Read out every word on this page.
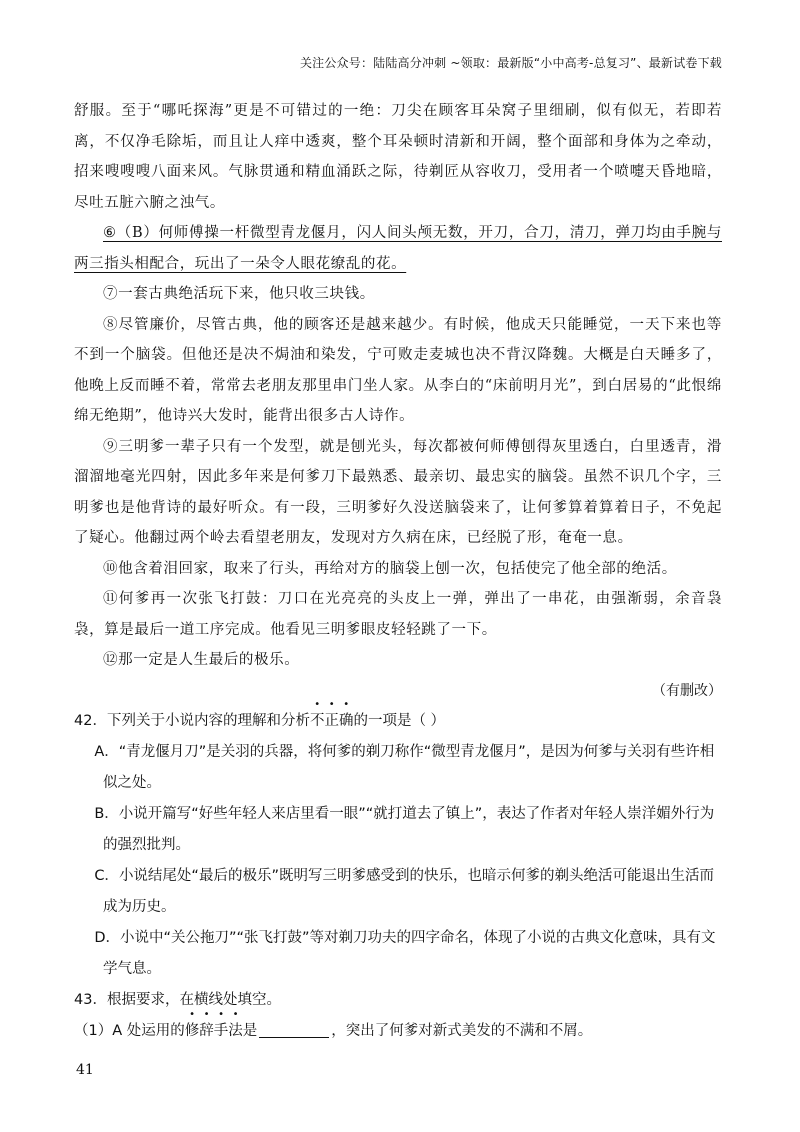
关注公众号：陆陆高分冲刺 ~领取：最新版“小中高考-总复习”、最新试卷下载

舒服。至于“哪吒探海”更是不可错过的一绝：刀尖在顾客耳朵窝子里细刷，似有似无，若即若离，不仅净毛除垢，而且让人痒中透爽，整个耳朵顿时清新和开阔，整个面部和身体为之牵动，招来嗖嗖嗖八面来风。气脉贯通和精血涌跃之际，待剃匠从容收刀，受用者一个喷嚏天昏地暗，尽吐五脏六腑之浊气。

⑥（B）何师傅操一杆微型青龙偃月，闪人间头颅无数，开刀，合刀，清刀，弹刀均由手腕与两三指头相配合，玩出了一朵令人眼花缭乱的花。

⑦一套古典绝活玩下来，他只收三块钱。

⑧尽管廉价，尽管古典，他的顾客还是越来越少。有时候，他成天只能睡觉，一天下来也等不到一个脑袋。但他还是决不焗油和染发，宁可败走麦城也决不背汉降魏。大概是白天睡多了，他晚上反而睡不着，常常去老朋友那里串门坐人家。从李白的“床前明月光”，到白居易的“此恨绵绵无绝期”，他诗兴大发时，能背出很多古人诗作。

⑨三明爹一辈子只有一个发型，就是刨光头，每次都被何师傅刨得灰里透白，白里透青，滑溜溜地毫光四射，因此多年来是何爹刀下最熟悉、最亲切、最忠实的脑袋。虽然不识几个字，三明爹也是他背诗的最好听众。有一段，三明爹好久没送脑袋来了，让何爹算着算着日子，不免起了疑心。他翻过两个岭去看望老朋友，发现对方久病在床，已经脱了形，奄奄一息。

⑩他含着泪回家，取来了行头，再给对方的脑袋上刨一次，包括使完了他全部的绝活。

⑪何爹再一次张飞打鼓：刀口在光亮亮的头皮上一弹，弹出了一串花，由强渐弱，余音袅袅，算是最后一道工序完成。他看见三明爹眼皮轻轻跳了一下。

⑫那一定是人生最后的极乐。

（有删改）

42．下列关于小说内容的理解和分析不正确的一项是（ ）

A．“青龙偃月刀”是关羽的兵器，将何爹的剃刀称作“微型青龙偃月”，是因为何爹与关羽有些许相似之处。

B．小说开篇写“好些年轻人来店里看一眼”“就打道去了镇上”，表达了作者对年轻人崇洋媚外行为的强烈批判。

C．小说结尾处“最后的极乐”既明写三明爹感受到的快乐，也暗示何爹的剃头绝活可能退出生活而成为历史。

D．小说中“关公拖刀”“张飞打鼓”等对剃刀功夫的四字命名，体现了小说的古典文化意味，具有文学气息。

43．根据要求，在横线处填空。

（1）A 处运用的修辞手法是	，突出了何爹对新式美发的不满和不屑。

41
